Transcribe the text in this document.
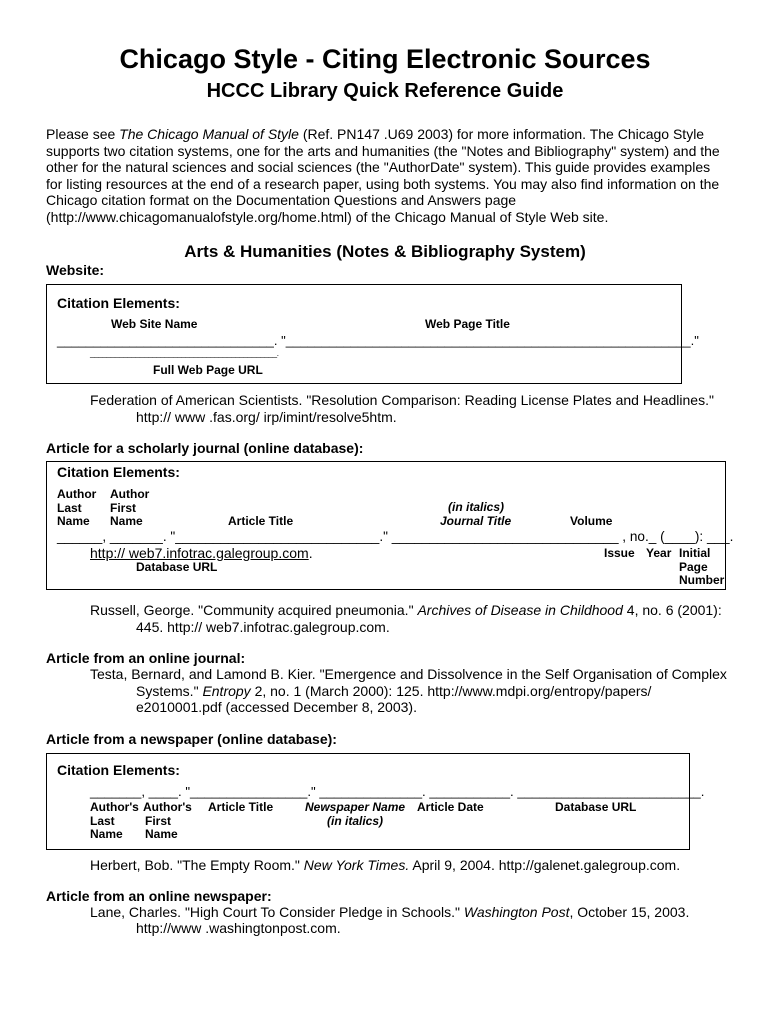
Chicago Style - Citing Electronic Sources
HCCC Library Quick Reference Guide
Please see The Chicago Manual of Style (Ref. PN147 .U69 2003) for more information. The Chicago Style supports two citation systems, one for the arts and humanities (the "Notes and Bibliography" system) and the other for the natural sciences and social sciences (the "AuthorDate" system). This guide provides examples for listing resources at the end of a research paper, using both systems. You may also find information on the Chicago citation format on the Documentation Questions and Answers page (http://www.chicagomanualofstyle.org/home.html) of the Chicago Manual of Style Web site.
Arts & Humanities (Notes & Bibliography System)
Website:
Citation Elements:
Web Site Name	Web Page Title
______________________________. "________________________________________________________."
_____________________________________________.
Full Web Page URL
Federation of American Scientists. "Resolution Comparison: Reading License Plates and Headlines."
http:// www .fas.org/ irp/imint/resolve5htm.
Article for a scholarly journal (online database):
Citation Elements:
Author
Last
Name
Author
First
Name	Article Title
(in italics)
Journal Title	Volume
______, _______. "___________________________." ______________________________ , no._ (____): ___.
http:// web7.infotrac.galegroup.com.
Database URL
Issue Year Initial
Page
Number
Russell, George. "Community acquired pneumonia." Archives of Disease in Childhood 4, no. 6 (2001):
445. http:// web7.infotrac.galegroup.com.
Article from an online journal:
Testa, Bernard, and Lamond B. Kier. "Emergence and Dissolvence in the Self Organisation of Complex
Systems." Entropy 2, no. 1 (March 2000): 125. http://www.mdpi.org/entropy/papers/
e2010001.pdf (accessed December 8, 2003).
Article from a newspaper (online database):
Citation Elements:
_______, ____. "________________." ______________. ___________. _________________________.
Author's
Last
Name
Author's
First
Name
Article Title	Newspaper Name
(in italics)
Article Date	Database URL
Herbert, Bob. "The Empty Room." New York Times. April 9, 2004. http://galenet.galegroup.com.
Article from an online newspaper:
Lane, Charles. "High Court To Consider Pledge in Schools." Washington Post, October 15, 2003.
http://www .washingtonpost.com.
